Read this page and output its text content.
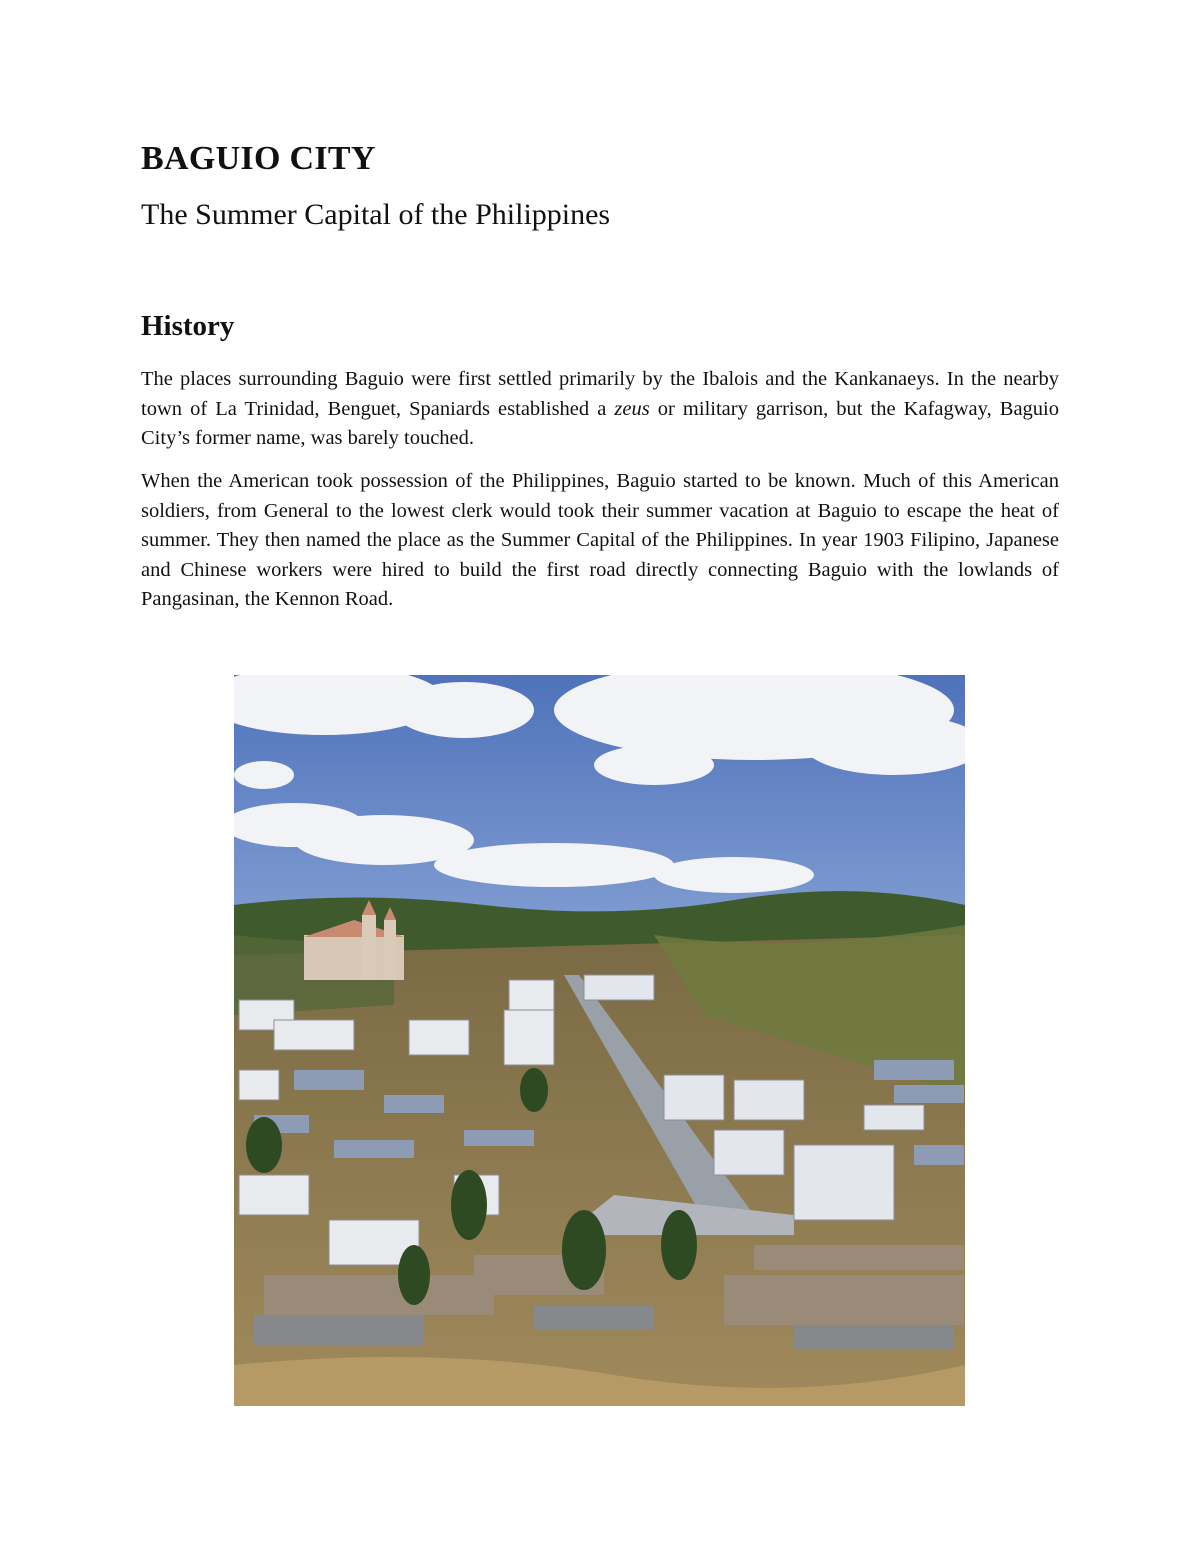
BAGUIO CITY
The Summer Capital of the Philippines
History

The places surrounding Baguio were first settled primarily by the Ibalois and the Kankanaeys. In the nearby town of La Trinidad, Benguet, Spaniards established a zeus or military garrison, but the Kafagway, Baguio City’s former name, was barely touched.

When the American took possession of the Philippines, Baguio started to be known. Much of this American soldiers, from General to the lowest clerk would took their summer vacation at Baguio to escape the heat of summer. They then named the place as the Summer Capital of the Philippines. In year 1903 Filipino, Japanese and Chinese workers were hired to build the first road directly connecting Baguio with the lowlands of Pangasinan, the Kennon Road.
